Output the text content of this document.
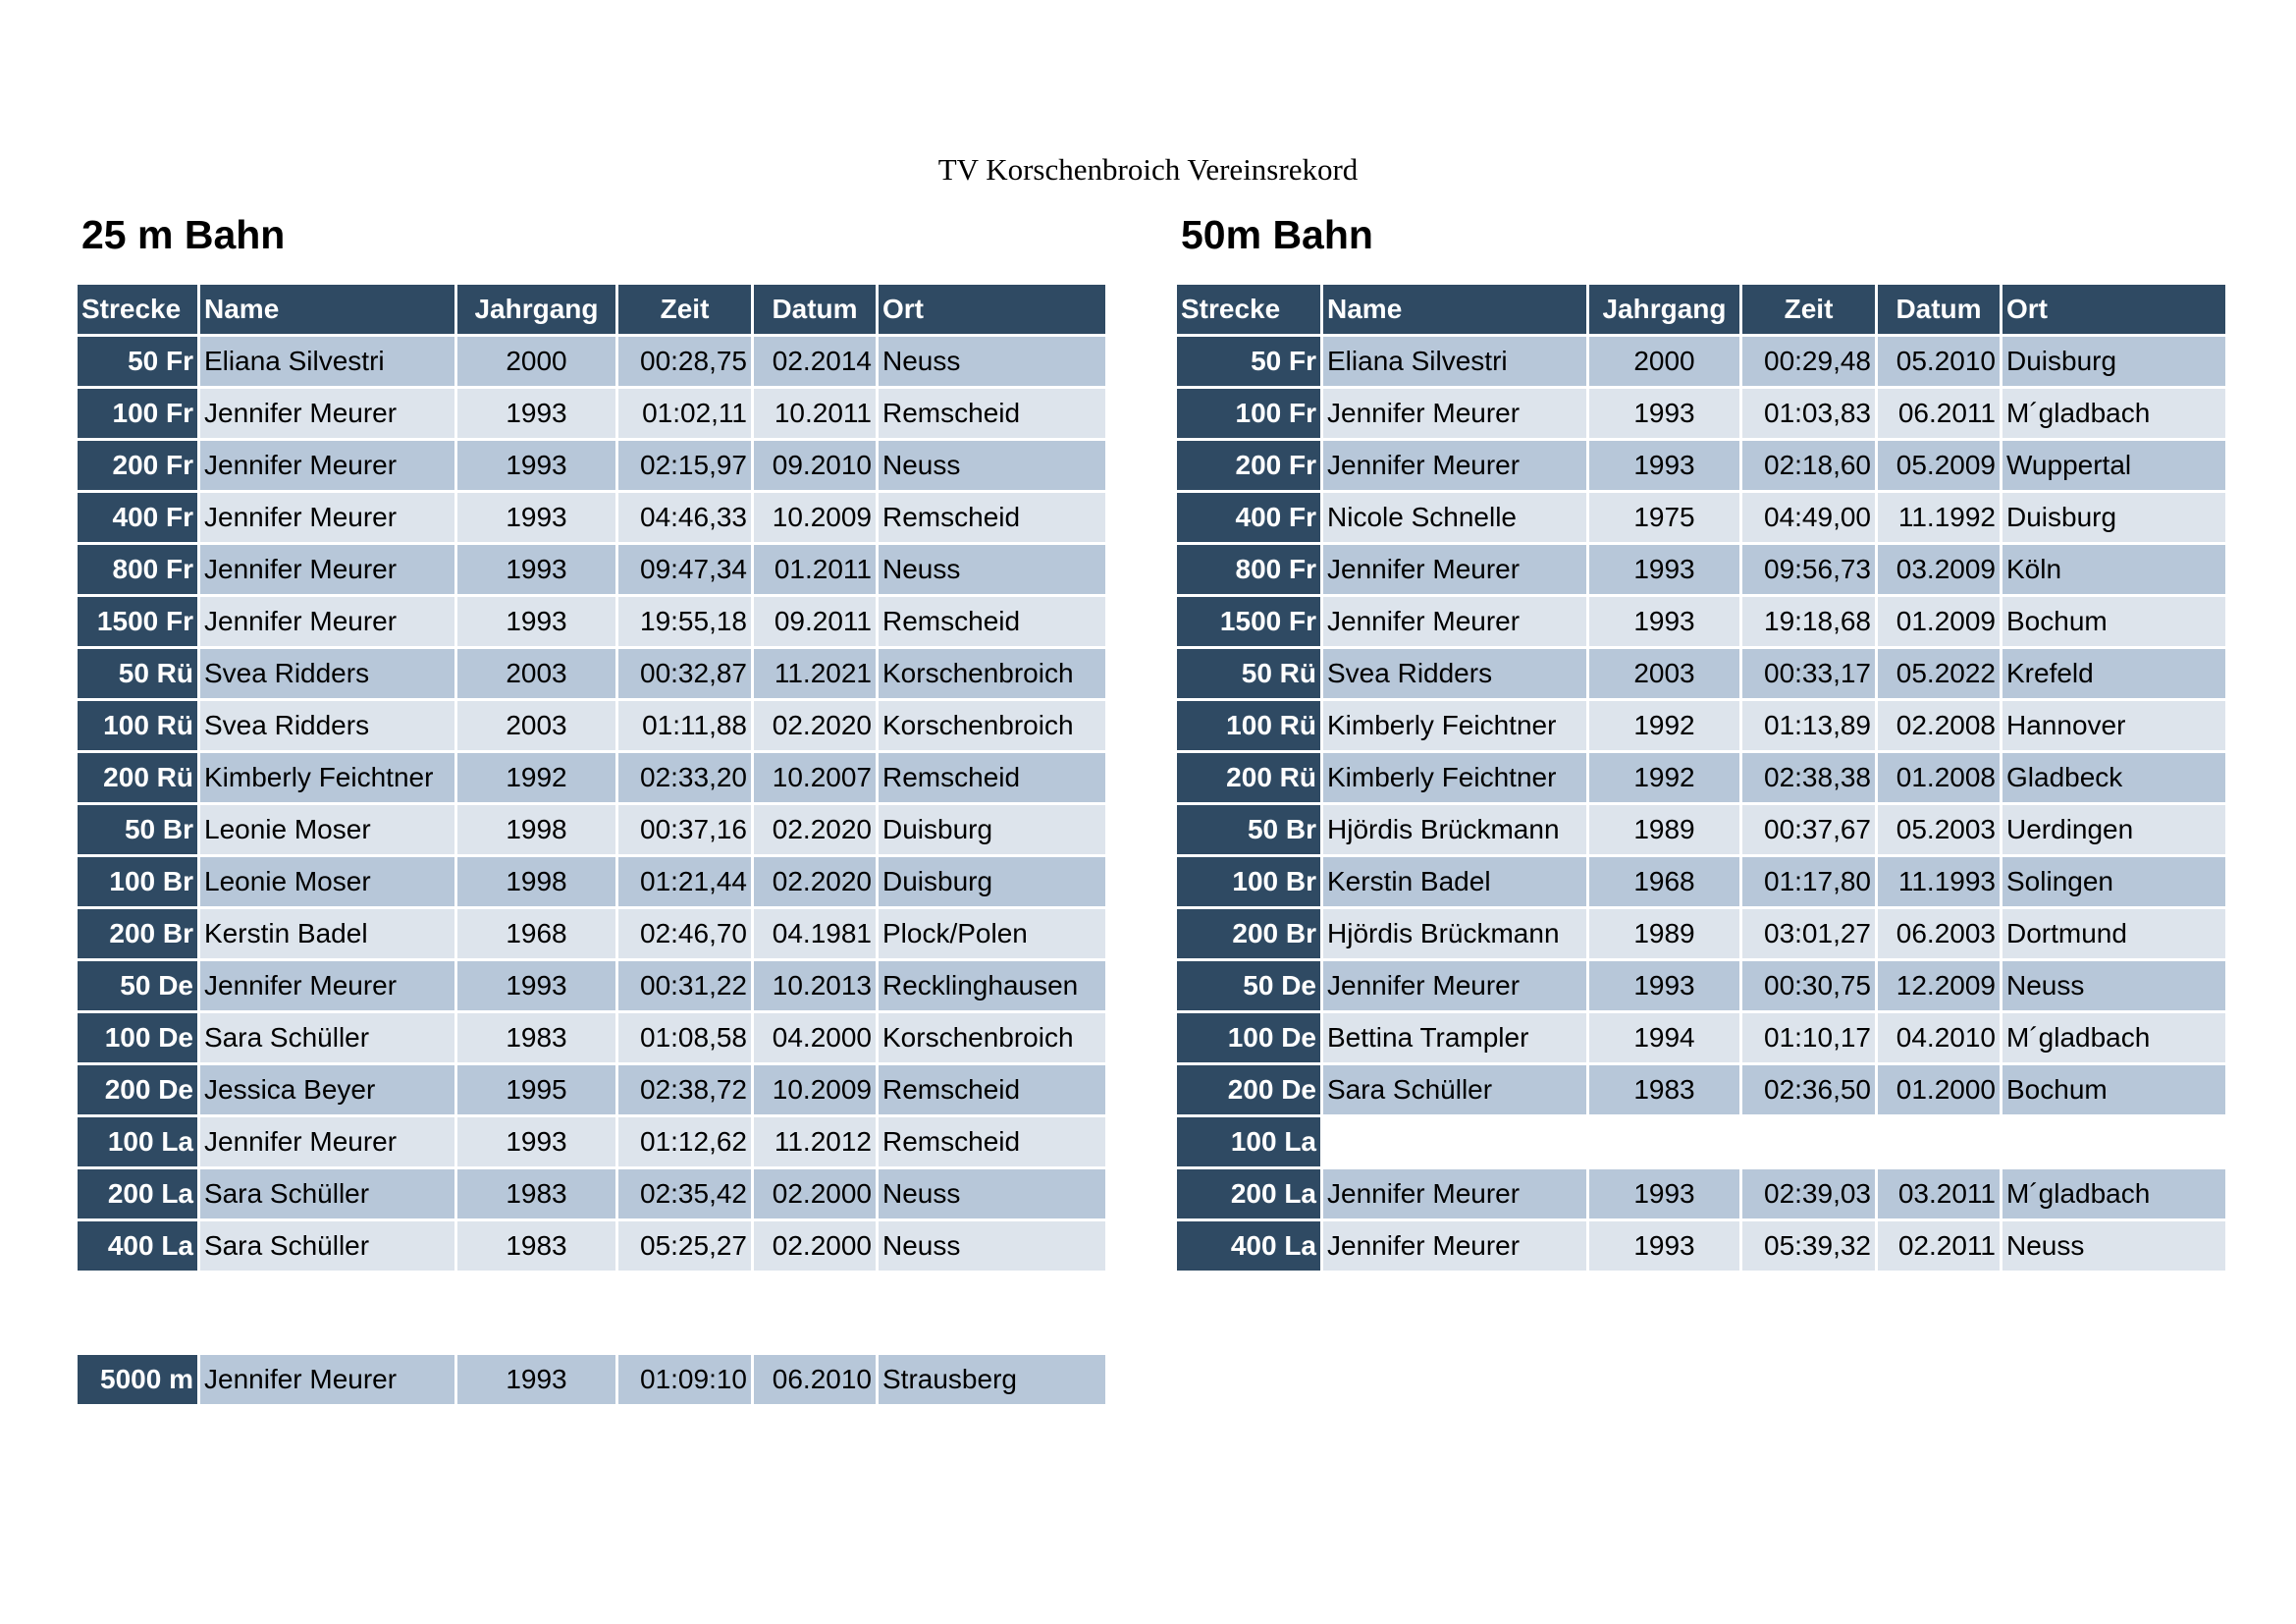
TV Korschenbroich Vereinsrekord
25 m Bahn	50m Bahn
Strecke	Name	Jahrgang	Zeit	Datum	Ort
50 Fr	Eliana Silvestri	2000	00:28,75	02.2014	Neuss
100 Fr	Jennifer Meurer	1993	01:02,11	10.2011	Remscheid
200 Fr	Jennifer Meurer	1993	02:15,97	09.2010	Neuss
400 Fr	Jennifer Meurer	1993	04:46,33	10.2009	Remscheid
800 Fr	Jennifer Meurer	1993	09:47,34	01.2011	Neuss
1500 Fr	Jennifer Meurer	1993	19:55,18	09.2011	Remscheid
50 Rü	Svea Ridders	2003	00:32,87	11.2021	Korschenbroich
100 Rü	Svea Ridders	2003	01:11,88	02.2020	Korschenbroich
200 Rü	Kimberly Feichtner	1992	02:33,20	10.2007	Remscheid
50 Br	Leonie Moser	1998	00:37,16	02.2020	Duisburg
100 Br	Leonie Moser	1998	01:21,44	02.2020	Duisburg
200 Br	Kerstin Badel	1968	02:46,70	04.1981	Plock/Polen
50 De	Jennifer Meurer	1993	00:31,22	10.2013	Recklinghausen
100 De	Sara Schüller	1983	01:08,58	04.2000	Korschenbroich
200 De	Jessica Beyer	1995	02:38,72	10.2009	Remscheid
100 La	Jennifer Meurer	1993	01:12,62	11.2012	Remscheid
200 La	Sara Schüller	1983	02:35,42	02.2000	Neuss
400 La	Sara Schüller	1983	05:25,27	02.2000	Neuss
5000 m	Jennifer Meurer	1993	01:09:10	06.2010	Strausberg
Strecke	Name	Jahrgang	Zeit	Datum	Ort
50 Fr	Eliana Silvestri	2000	00:29,48	05.2010	Duisburg
100 Fr	Jennifer Meurer	1993	01:03,83	06.2011	M´gladbach
200 Fr	Jennifer Meurer	1993	02:18,60	05.2009	Wuppertal
400 Fr	Nicole Schnelle	1975	04:49,00	11.1992	Duisburg
800 Fr	Jennifer Meurer	1993	09:56,73	03.2009	Köln
1500 Fr	Jennifer Meurer	1993	19:18,68	01.2009	Bochum
50 Rü	Svea Ridders	2003	00:33,17	05.2022	Krefeld
100 Rü	Kimberly Feichtner	1992	01:13,89	02.2008	Hannover
200 Rü	Kimberly Feichtner	1992	02:38,38	01.2008	Gladbeck
50 Br	Hjördis Brückmann	1989	00:37,67	05.2003	Uerdingen
100 Br	Kerstin Badel	1968	01:17,80	11.1993	Solingen
200 Br	Hjördis Brückmann	1989	03:01,27	06.2003	Dortmund
50 De	Jennifer Meurer	1993	00:30,75	12.2009	Neuss
100 De	Bettina Trampler	1994	01:10,17	04.2010	M´gladbach
200 De	Sara Schüller	1983	02:36,50	01.2000	Bochum
100 La					
200 La	Jennifer Meurer	1993	02:39,03	03.2011	M´gladbach
400 La	Jennifer Meurer	1993	05:39,32	02.2011	Neuss
